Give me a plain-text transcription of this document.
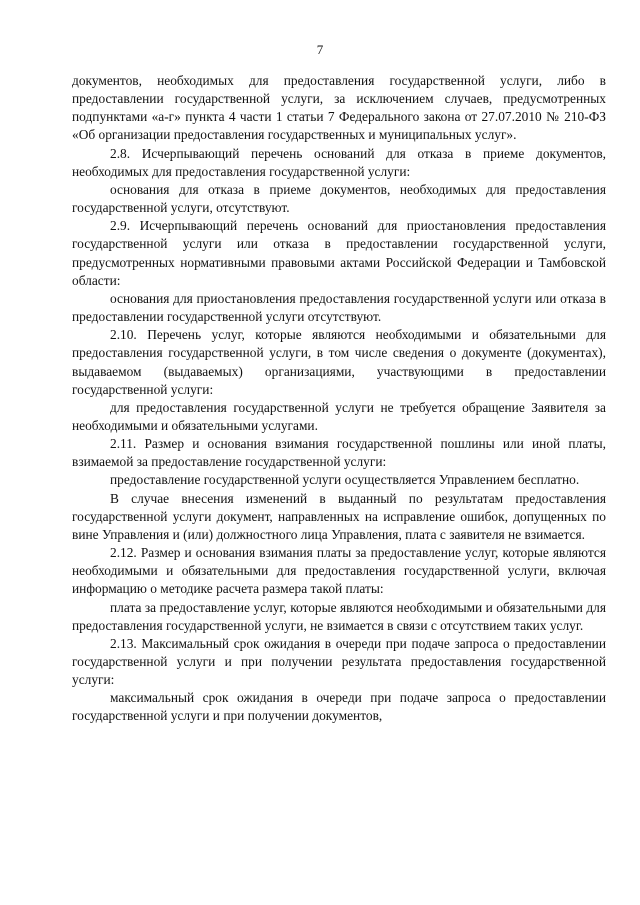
7

документов, необходимых для предоставления государственной услуги, либо в предоставлении государственной услуги, за исключением случаев, предусмотренных подпунктами «а-г» пункта 4 части 1 статьи 7 Федерального закона от 27.07.2010 № 210-ФЗ «Об организации предоставления государственных и муниципальных услуг».

2.8. Исчерпывающий перечень оснований для отказа в приеме документов, необходимых для предоставления государственной услуги:

основания для отказа в приеме документов, необходимых для предоставления государственной услуги, отсутствуют.

2.9. Исчерпывающий перечень оснований для приостановления предоставления государственной услуги или отказа в предоставлении государственной услуги, предусмотренных нормативными правовыми актами Российской Федерации и Тамбовской области:

основания для приостановления предоставления государственной услуги или отказа в предоставлении государственной услуги отсутствуют.

2.10. Перечень услуг, которые являются необходимыми и обязательными для предоставления государственной услуги, в том числе сведения о документе (документах), выдаваемом (выдаваемых) организациями, участвующими в предоставлении государственной услуги:

для предоставления государственной услуги не требуется обращение Заявителя за необходимыми и обязательными услугами.

2.11. Размер и основания взимания государственной пошлины или иной платы, взимаемой за предоставление государственной услуги:

предоставление государственной услуги осуществляется Управлением бесплатно.

В случае внесения изменений в выданный по результатам предоставления государственной услуги документ, направленных на исправление ошибок, допущенных по вине Управления и (или) должностного лица Управления, плата с заявителя не взимается.

2.12. Размер и основания взимания платы за предоставление услуг, которые являются необходимыми и обязательными для предоставления государственной услуги, включая информацию о методике расчета размера такой платы:

плата за предоставление услуг, которые являются необходимыми и обязательными для предоставления государственной услуги, не взимается в связи с отсутствием таких услуг.

2.13. Максимальный срок ожидания в очереди при подаче запроса о предоставлении государственной услуги и при получении результата предоставления государственной услуги:

максимальный срок ожидания в очереди при подаче запроса о предоставлении государственной услуги и при получении документов,
